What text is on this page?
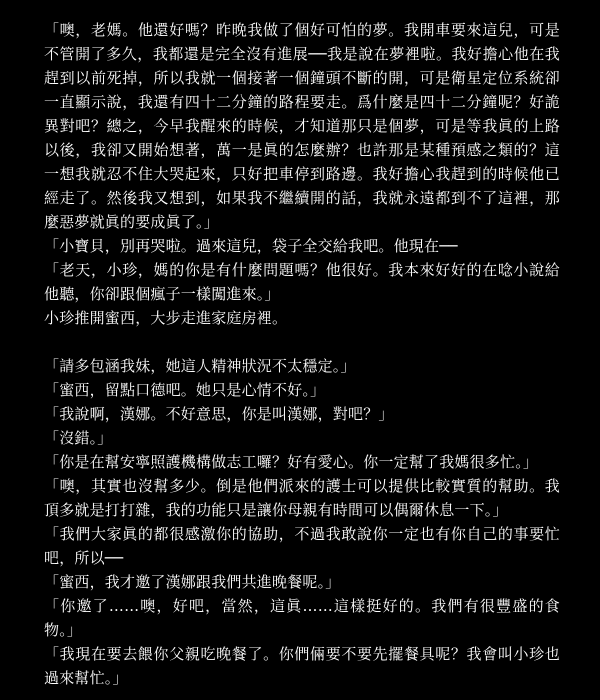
「噢，老媽。他還好嗎？昨晚我做了個好可怕的夢。我開車要來這兒，可是不管開了多久，我都還是完全沒有進展──我是說在夢裡啦。我好擔心他在我趕到以前死掉，所以我就一個接著一個鐘頭不斷的開，可是衛星定位系統卻一直顯示說，我還有四十二分鐘的路程要走。爲什麼是四十二分鐘呢？好詭異對吧？總之，今早我醒來的時候，才知道那只是個夢，可是等我眞的上路以後，我卻又開始想著，萬一是眞的怎麼辦？也許那是某種預感之類的？這一想我就忍不住大哭起來，只好把車停到路邊。我好擔心我趕到的時候他已經走了。然後我又想到，如果我不繼續開的話，我就永遠都到不了這裡，那麼惡夢就眞的要成眞了。」

「小寶貝，別再哭啦。過來這兒，袋子全交給我吧。他現在──

「老天，小珍，媽的你是有什麼問題嗎？他很好。我本來好好的在唸小說給他聽，你卻跟個瘋子一樣闖進來。」

小珍推開蜜西，大步走進家庭房裡。

「請多包涵我妹，她這人精神狀況不太穩定。」

「蜜西，留點口德吧。她只是心情不好。」

「我說啊，漢娜。不好意思，你是叫漢娜，對吧？」

「沒錯。」

「你是在幫安寧照護機構做志工囉？好有愛心。你一定幫了我媽很多忙。」

「噢，其實也沒幫多少。倒是他們派來的護士可以提供比較實質的幫助。我頂多就是打打雜，我的功能只是讓你母親有時間可以偶爾休息一下。」

「我們大家眞的都很感激你的協助，不過我敢說你一定也有你自己的事要忙吧，所以──

「蜜西，我才邀了漢娜跟我們共進晚餐呢。」

「你邀了……噢，好吧，當然，這眞……這樣挺好的。我們有很豐盛的食物。」

「我現在要去餵你父親吃晚餐了。你們倆要不要先擺餐具呢？我會叫小珍也過來幫忙。」
